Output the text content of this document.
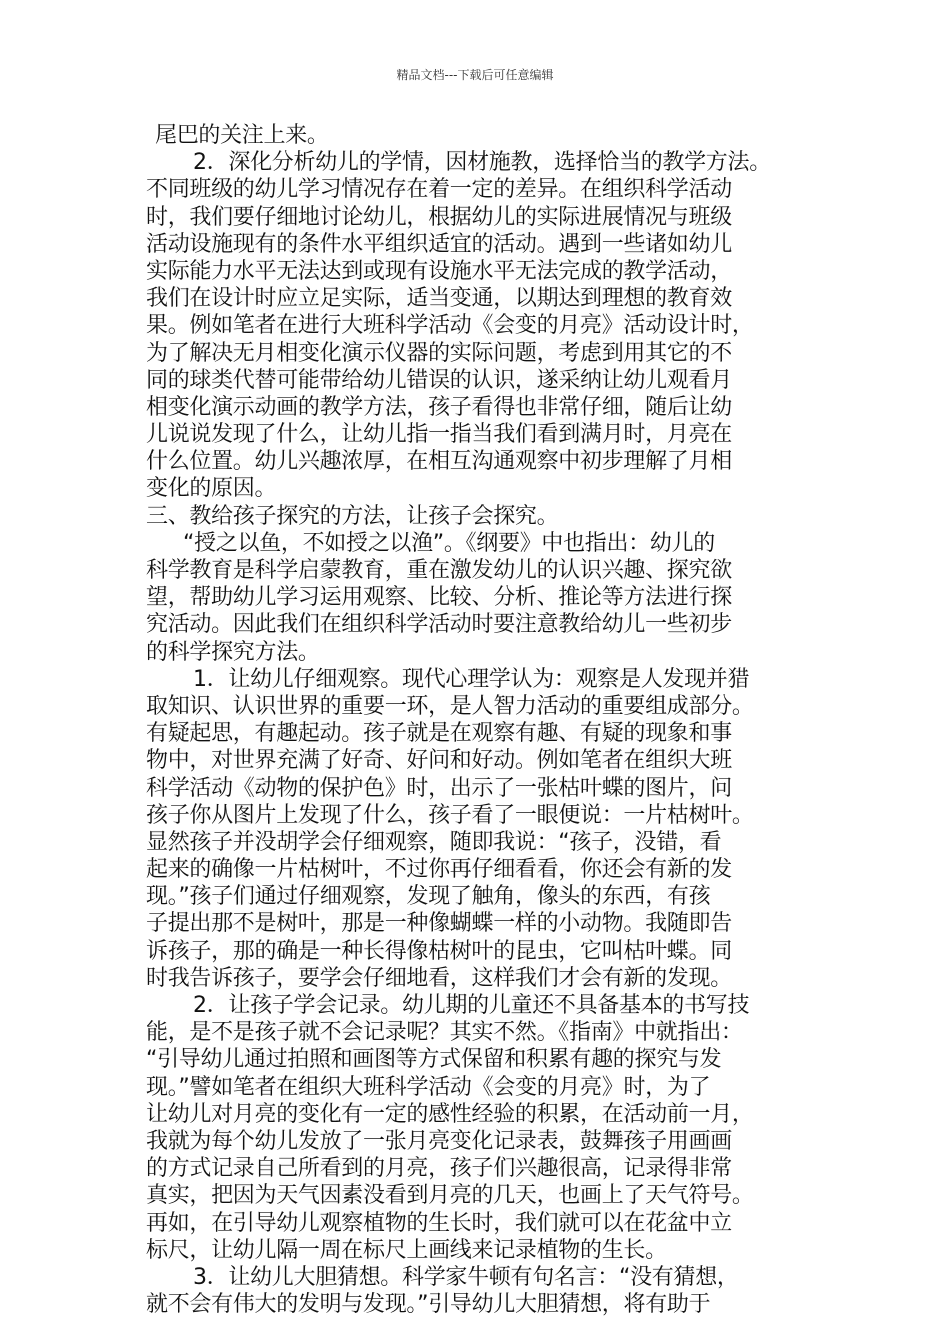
精品文档---下载后可任意编辑
尾巴的关注上来。
2．深化分析幼儿的学情，因材施教，选择恰当的教学方法。
不同班级的幼儿学习情况存在着一定的差异。在组织科学活动
时，我们要仔细地讨论幼儿，根据幼儿的实际进展情况与班级
活动设施现有的条件水平组织适宜的活动。遇到一些诸如幼儿
实际能力水平无法达到或现有设施水平无法完成的教学活动，
我们在设计时应立足实际，适当变通，以期达到理想的教育效
果。例如笔者在进行大班科学活动《会变的月亮》活动设计时，
为了解决无月相变化演示仪器的实际问题，考虑到用其它的不
同的球类代替可能带给幼儿错误的认识，遂采纳让幼儿观看月
相变化演示动画的教学方法，孩子看得也非常仔细，随后让幼
儿说说发现了什么，让幼儿指一指当我们看到满月时，月亮在
什么位置。幼儿兴趣浓厚，在相互沟通观察中初步理解了月相
变化的原因。
三、教给孩子探究的方法，让孩子会探究。
“授之以鱼，不如授之以渔”。《纲要》中也指出：幼儿的
科学教育是科学启蒙教育，重在激发幼儿的认识兴趣、探究欲
望，帮助幼儿学习运用观察、比较、分析、推论等方法进行探
究活动。因此我们在组织科学活动时要注意教给幼儿一些初步
的科学探究方法。
1．让幼儿仔细观察。现代心理学认为：观察是人发现并猎
取知识、认识世界的重要一环，是人智力活动的重要组成部分。
有疑起思，有趣起动。孩子就是在观察有趣、有疑的现象和事
物中，对世界充满了好奇、好问和好动。例如笔者在组织大班
科学活动《动物的保护色》时，出示了一张枯叶蝶的图片，问
孩子你从图片上发现了什么，孩子看了一眼便说：一片枯树叶。
显然孩子并没胡学会仔细观察，随即我说：“孩子，没错，看
起来的确像一片枯树叶，不过你再仔细看看，你还会有新的发
现。”孩子们通过仔细观察，发现了触角，像头的东西，有孩
子提出那不是树叶，那是一种像蝴蝶一样的小动物。我随即告
诉孩子，那的确是一种长得像枯树叶的昆虫，它叫枯叶蝶。同
时我告诉孩子，要学会仔细地看，这样我们才会有新的发现。
2．让孩子学会记录。幼儿期的儿童还不具备基本的书写技
能，是不是孩子就不会记录呢？其实不然。《指南》中就指出：
“引导幼儿通过拍照和画图等方式保留和积累有趣的探究与发
现。”譬如笔者在组织大班科学活动《会变的月亮》时，为了
让幼儿对月亮的变化有一定的感性经验的积累，在活动前一月，
我就为每个幼儿发放了一张月亮变化记录表，鼓舞孩子用画画
的方式记录自己所看到的月亮，孩子们兴趣很高，记录得非常
真实，把因为天气因素没看到月亮的几天，也画上了天气符号。
再如，在引导幼儿观察植物的生长时，我们就可以在花盆中立
标尺，让幼儿隔一周在标尺上画线来记录植物的生长。
3．让幼儿大胆猜想。科学家牛顿有句名言：“没有猜想，
就不会有伟大的发明与发现。”引导幼儿大胆猜想，将有助于
